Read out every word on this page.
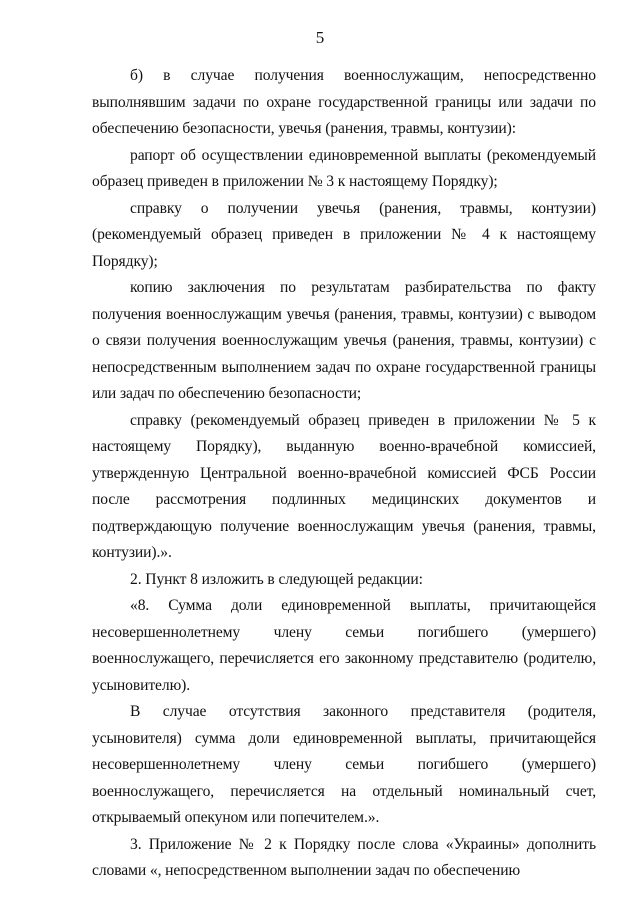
5

б) в случае получения военнослужащим, непосредственно выполнявшим задачи по охране государственной границы или задачи по обеспечению безопасности, увечья (ранения, травмы, контузии):

рапорт об осуществлении единовременной выплаты (рекомендуемый образец приведен в приложении № 3 к настоящему Порядку);

справку о получении увечья (ранения, травмы, контузии) (рекомендуемый образец приведен в приложении № 4 к настоящему Порядку);

копию заключения по результатам разбирательства по факту получения военнослужащим увечья (ранения, травмы, контузии) с выводом о связи получения военнослужащим увечья (ранения, травмы, контузии) с непосредственным выполнением задач по охране государственной границы или задач по обеспечению безопасности;

справку (рекомендуемый образец приведен в приложении № 5 к настоящему Порядку), выданную военно-врачебной комиссией, утвержденную Центральной военно-врачебной комиссией ФСБ России после рассмотрения подлинных медицинских документов и подтверждающую получение военнослужащим увечья (ранения, травмы, контузии).».

2. Пункт 8 изложить в следующей редакции:

«8. Сумма доли единовременной выплаты, причитающейся несовершеннолетнему члену семьи погибшего (умершего) военнослужащего, перечисляется его законному представителю (родителю, усыновителю).

В случае отсутствия законного представителя (родителя, усыновителя) сумма доли единовременной выплаты, причитающейся несовершеннолетнему члену семьи погибшего (умершего) военнослужащего, перечисляется на отдельный номинальный счет, открываемый опекуном или попечителем.».

3. Приложение № 2 к Порядку после слова «Украины» дополнить словами «, непосредственном выполнении задач по обеспечению
